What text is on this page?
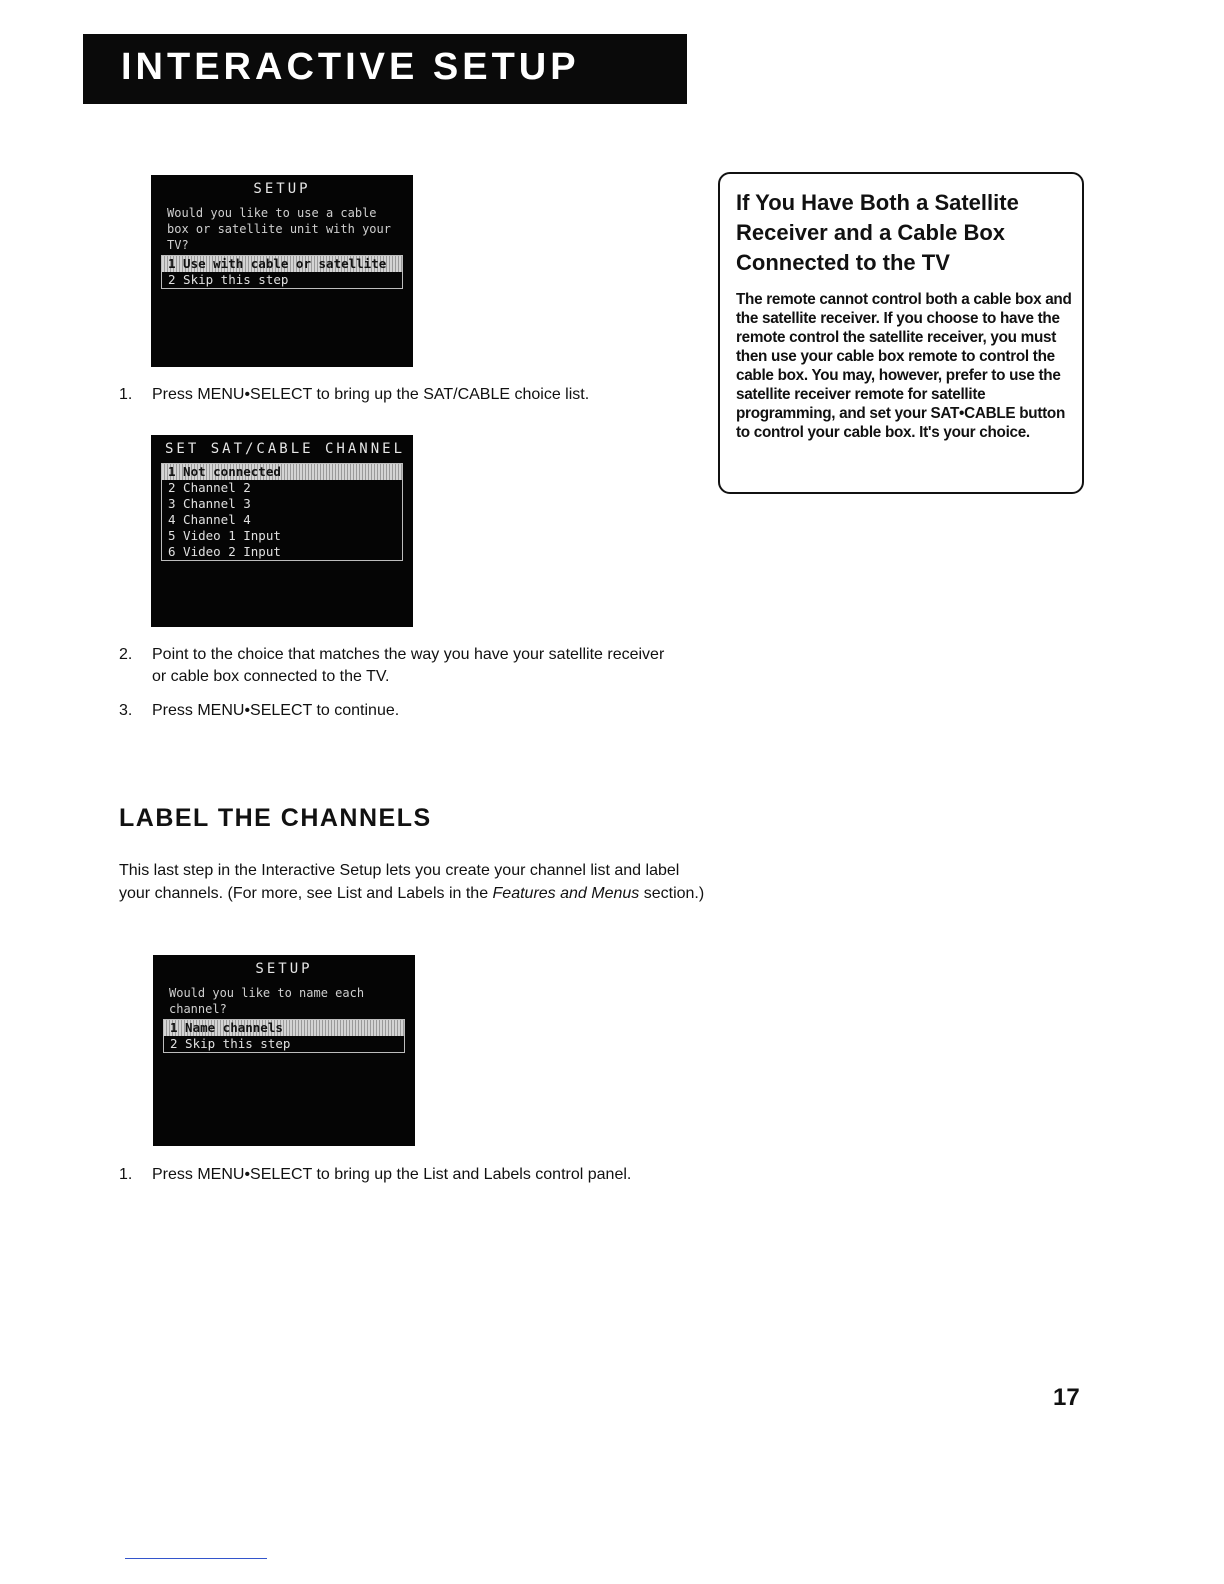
INTERACTIVE SETUP
SETUP
Would you like to use a cable box or satellite unit with your TV?
1 Use with cable or satellite
2 Skip this step
1. Press MENU•SELECT to bring up the SAT/CABLE choice list.
SET SAT/CABLE CHANNEL
1 Not connected
2 Channel 2
3 Channel 3
4 Channel 4
5 Video 1 Input
6 Video 2 Input
2. Point to the choice that matches the way you have your satellite receiver or cable box connected to the TV.
3. Press MENU•SELECT to continue.
LABEL THE CHANNELS
This last step in the Interactive Setup lets you create your channel list and label your channels. (For more, see List and Labels in the Features and Menus section.)
SETUP
Would you like to name each channel?
1 Name channels
2 Skip this step
1. Press MENU•SELECT to bring up the List and Labels control panel.
If You Have Both a Satellite Receiver and a Cable Box Connected to the TV
The remote cannot control both a cable box and the satellite receiver. If you choose to have the remote control the satellite receiver, you must then use your cable box remote to control the cable box. You may, however, prefer to use the satellite receiver remote for satellite programming, and set your SAT•CABLE button to control your cable box. It's your choice.
17
